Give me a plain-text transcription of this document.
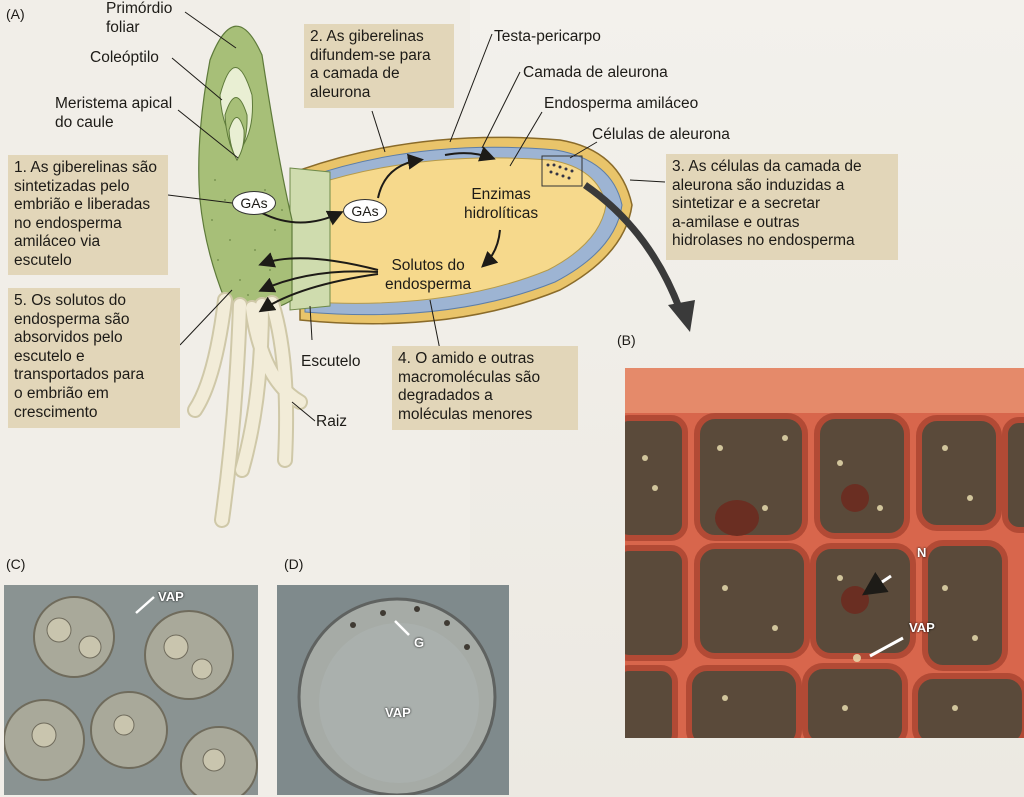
(A)
(B)
(C)	(D)
Primórdio
foliar
Coleóptilo
Meristema apical
do caule
Testa-pericarpo
Camada de aleurona
Endosperma amiláceo
Células de aleurona
GAs	GAs
Enzimas
hidrolíticas
Solutos do
endosperma
Escutelo
Raiz
1. As giberelinas são
sintetizadas pelo
embrião e liberadas
no endosperma
amiláceo via
escutelo
2. As giberelinas
difundem-se para
a camada de
aleurona
3. As células da camada de
aleurona são induzidas a
sintetizar e a secretar
a-amilase e outras
hidrolases no endosperma
4. O amido e outras
macromoléculas são
degradados a
moléculas menores
5. Os solutos do
endosperma são
absorvidos pelo
escutelo e
transportados para
o embrião em
crescimento
N
VAP
VAP
G
VAP
